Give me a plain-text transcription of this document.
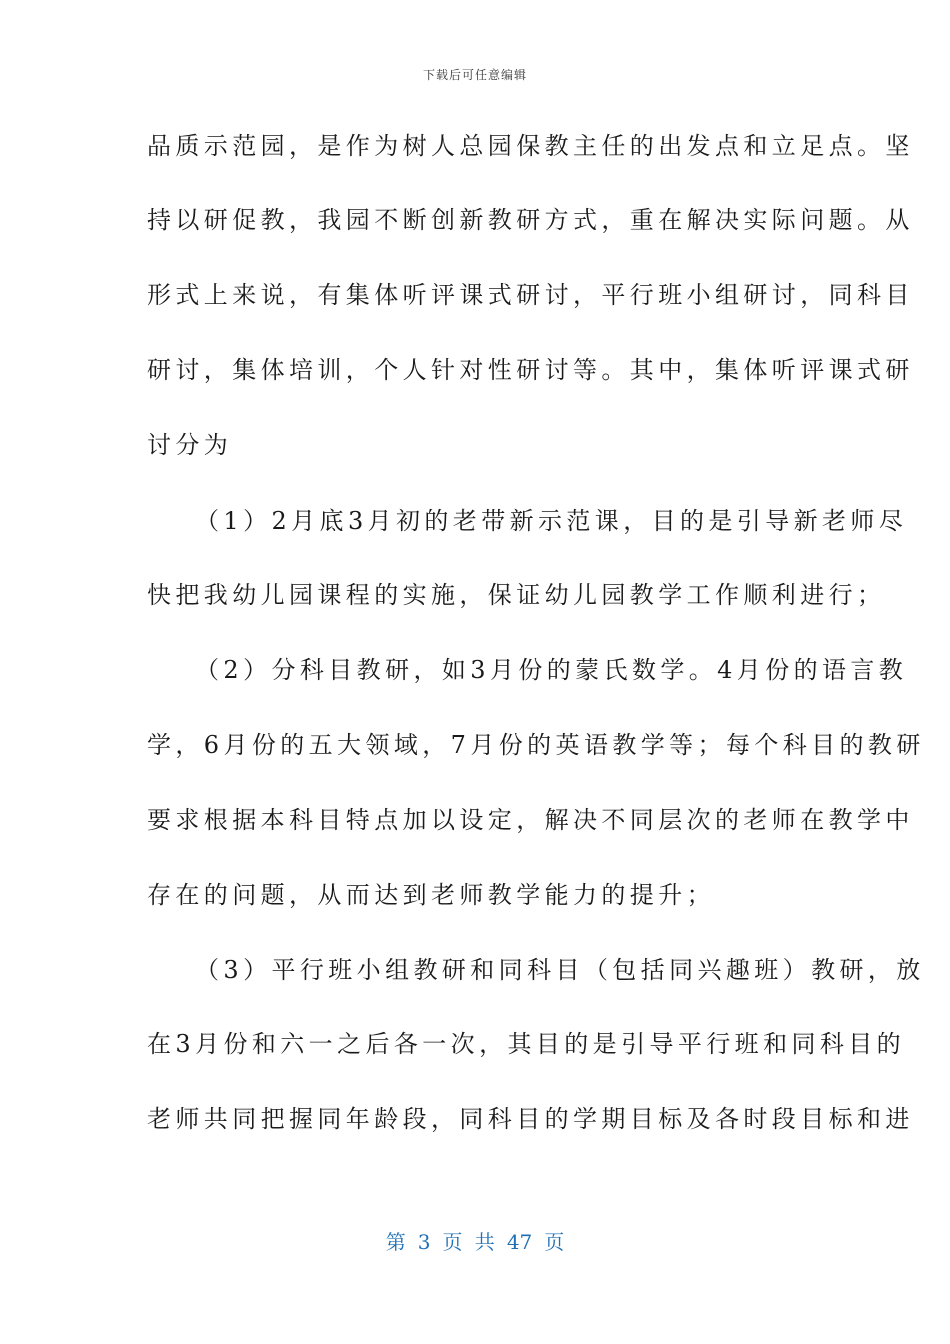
下载后可任意编辑
品质示范园，是作为树人总园保教主任的出发点和立足点。坚
持以研促教，我园不断创新教研方式，重在解决实际问题。从
形式上来说，有集体听评课式研讨，平行班小组研讨，同科目
研讨，集体培训，个人针对性研讨等。其中，集体听评课式研
讨分为
（1）2月底3月初的老带新示范课，目的是引导新老师尽
快把我幼儿园课程的实施，保证幼儿园教学工作顺利进行；
（2）分科目教研，如3月份的蒙氏数学。4月份的语言教
学，6月份的五大领域，7月份的英语教学等；每个科目的教研
要求根据本科目特点加以设定，解决不同层次的老师在教学中
存在的问题，从而达到老师教学能力的提升；
（3）平行班小组教研和同科目（包括同兴趣班）教研，放
在3月份和六一之后各一次，其目的是引导平行班和同科目的
老师共同把握同年龄段，同科目的学期目标及各时段目标和进
第 3 页 共 47 页
